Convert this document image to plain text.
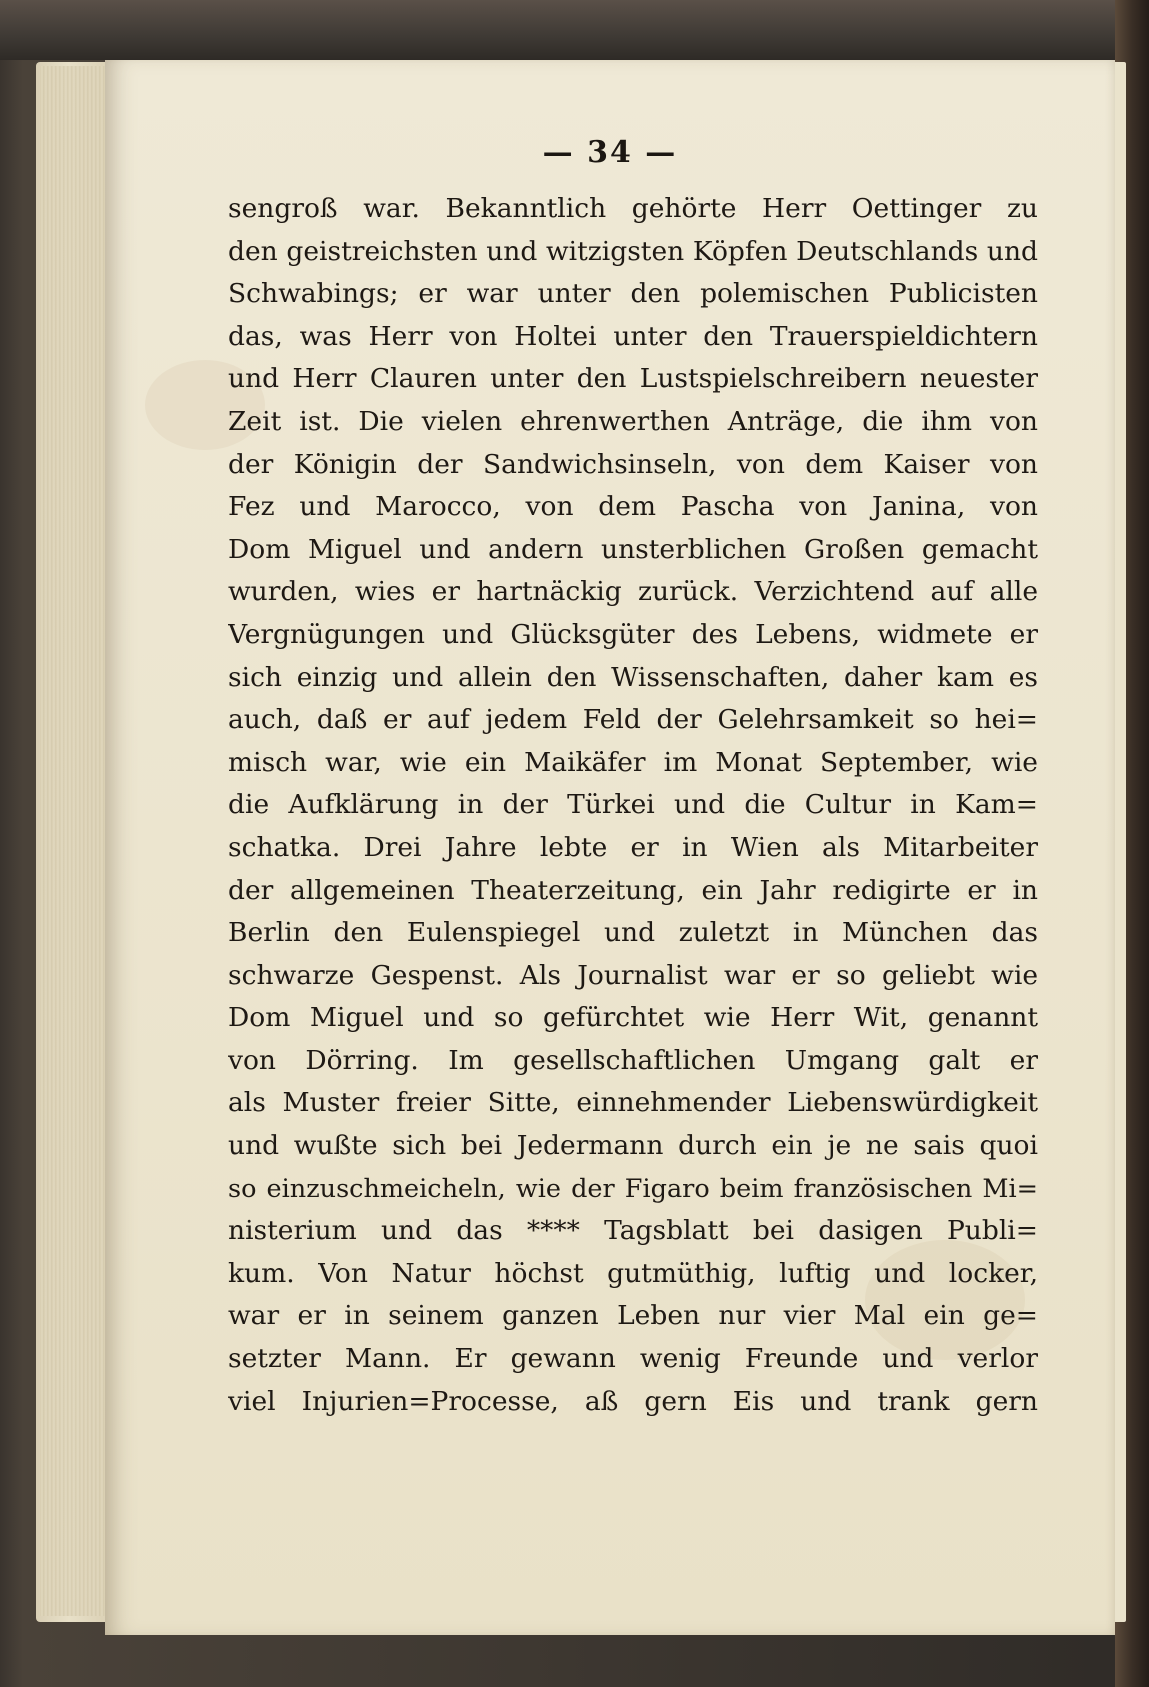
— 34 —
sengroß war. Bekanntlich gehörte Herr Oettinger zu
den geistreichsten und witzigsten Köpfen Deutschlands und
Schwabings; er war unter den polemischen Publicisten
das, was Herr von Holtei unter den Trauerspieldichtern
und Herr Clauren unter den Lustspielschreibern neuester
Zeit ist. Die vielen ehrenwerthen Anträge, die ihm von
der Königin der Sandwichsinseln, von dem Kaiser von
Fez und Marocco, von dem Pascha von Janina, von
Dom Miguel und andern unsterblichen Großen gemacht
wurden, wies er hartnäckig zurück. Verzichtend auf alle
Vergnügungen und Glücksgüter des Lebens, widmete er
sich einzig und allein den Wissenschaften, daher kam es
auch, daß er auf jedem Feld der Gelehrsamkeit so hei=
misch war, wie ein Maikäfer im Monat September, wie
die Aufklärung in der Türkei und die Cultur in Kam=
schatka. Drei Jahre lebte er in Wien als Mitarbeiter
der allgemeinen Theaterzeitung, ein Jahr redigirte er in
Berlin den Eulenspiegel und zuletzt in München das
schwarze Gespenst. Als Journalist war er so geliebt wie
Dom Miguel und so gefürchtet wie Herr Wit, genannt
von Dörring. Im gesellschaftlichen Umgang galt er
als Muster freier Sitte, einnehmender Liebenswürdigkeit
und wußte sich bei Jedermann durch ein je ne sais quoi
so einzuschmeicheln, wie der Figaro beim französischen Mi=
nisterium und das **** Tagsblatt bei dasigen Publi=
kum. Von Natur höchst gutmüthig, luftig und locker,
war er in seinem ganzen Leben nur vier Mal ein ge=
setzter Mann. Er gewann wenig Freunde und verlor
viel Injurien=Processe, aß gern Eis und trank gern
